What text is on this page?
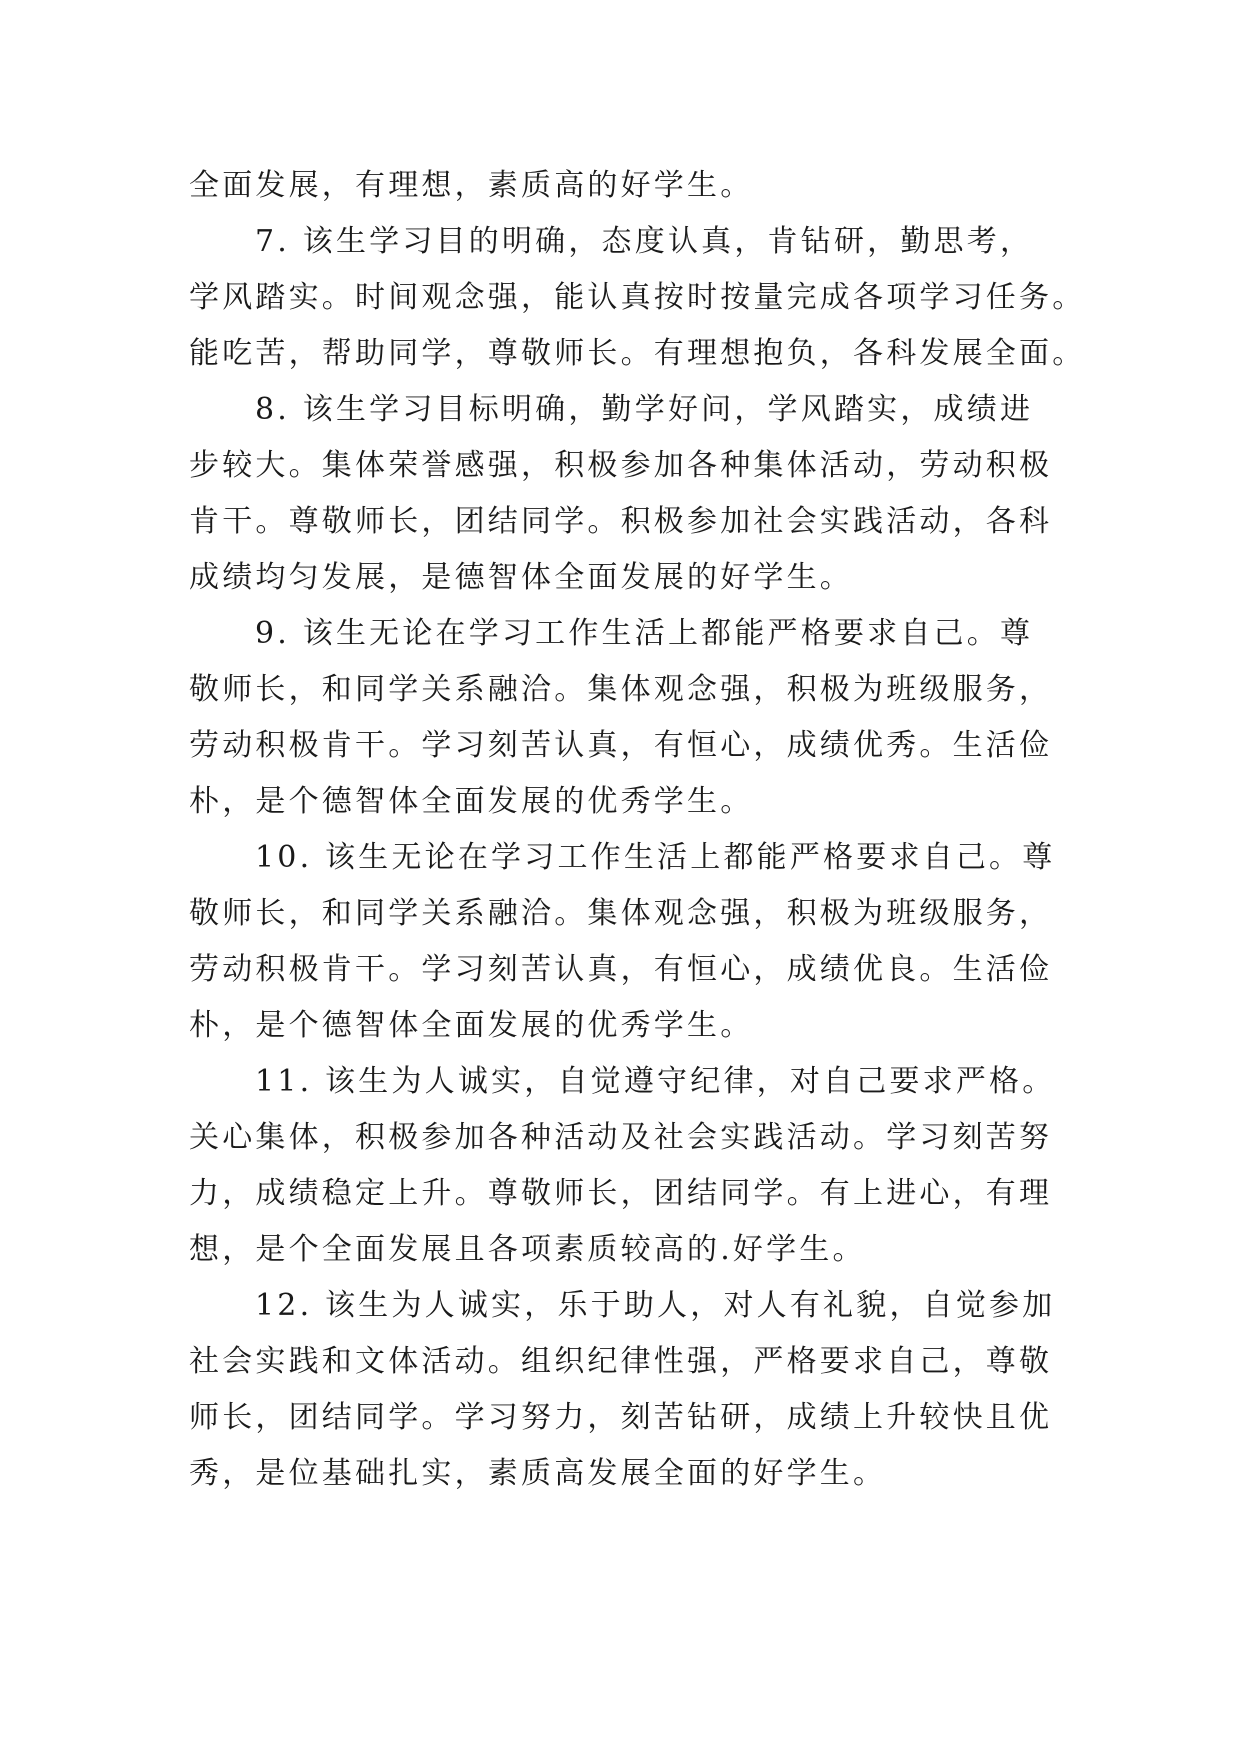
全面发展，有理想，素质高的好学生。
7. 该生学习目的明确，态度认真，肯钻研，勤思考，
学风踏实。时间观念强，能认真按时按量完成各项学习任务。
能吃苦，帮助同学，尊敬师长。有理想抱负，各科发展全面。
8. 该生学习目标明确，勤学好问，学风踏实，成绩进
步较大。集体荣誉感强，积极参加各种集体活动，劳动积极
肯干。尊敬师长，团结同学。积极参加社会实践活动，各科
成绩均匀发展，是德智体全面发展的好学生。
9. 该生无论在学习工作生活上都能严格要求自己。尊
敬师长，和同学关系融洽。集体观念强，积极为班级服务，
劳动积极肯干。学习刻苦认真，有恒心，成绩优秀。生活俭
朴，是个德智体全面发展的优秀学生。
10. 该生无论在学习工作生活上都能严格要求自己。尊
敬师长，和同学关系融洽。集体观念强，积极为班级服务，
劳动积极肯干。学习刻苦认真，有恒心，成绩优良。生活俭
朴，是个德智体全面发展的优秀学生。
11. 该生为人诚实，自觉遵守纪律，对自己要求严格。
关心集体，积极参加各种活动及社会实践活动。学习刻苦努
力，成绩稳定上升。尊敬师长，团结同学。有上进心，有理
想，是个全面发展且各项素质较高的.好学生。
12. 该生为人诚实，乐于助人，对人有礼貌，自觉参加
社会实践和文体活动。组织纪律性强，严格要求自己，尊敬
师长，团结同学。学习努力，刻苦钻研，成绩上升较快且优
秀，是位基础扎实，素质高发展全面的好学生。
